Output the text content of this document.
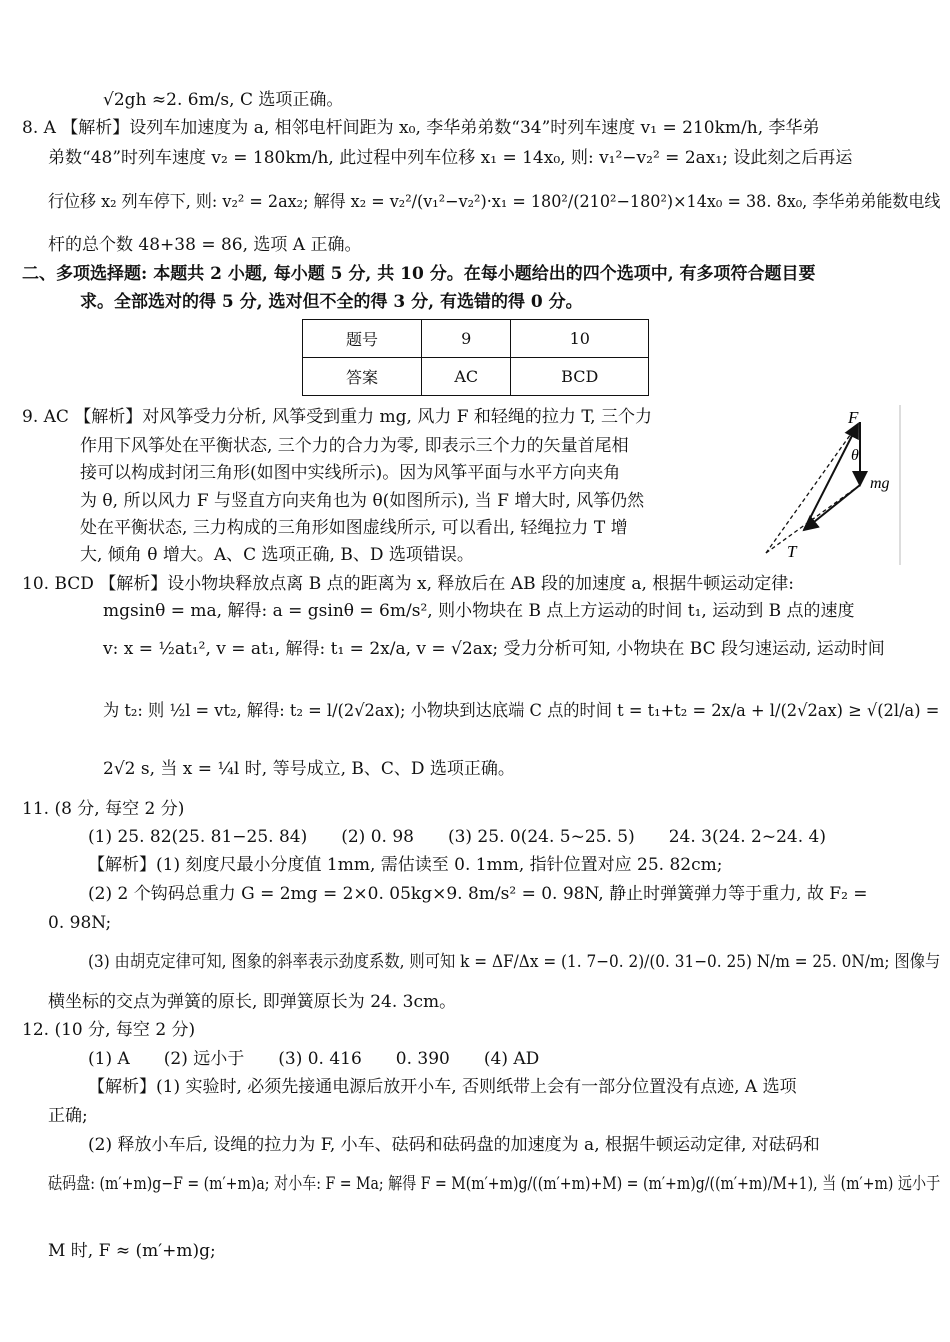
√2gh ≈2. 6m/s, C 选项正确。
8. A 【解析】设列车加速度为 a, 相邻电杆间距为 x₀, 李华弟弟数“34”时列车速度 v₁ = 210km/h, 李华弟
弟数“48”时列车速度 v₂ = 180km/h, 此过程中列车位移 x₁ = 14x₀, 则: v₁²−v₂² = 2ax₁; 设此刻之后再运
行位移 x₂ 列车停下, 则: v₂² = 2ax₂; 解得 x₂ = v₂²/(v₁²−v₂²)·x₁ = 180²/(210²−180²)×14x₀ = 38. 8x₀, 李华弟弟能数电线
杆的总个数 48+38 = 86, 选项 A 正确。
二、多项选择题: 本题共 2 小题, 每小题 5 分, 共 10 分。在每小题给出的四个选项中, 有多项符合题目要
求。全部选对的得 5 分, 选对但不全的得 3 分, 有选错的得 0 分。
题号	9	10
答案	AC	BCD
9. AC 【解析】对风筝受力分析, 风筝受到重力 mg, 风力 F 和轻绳的拉力 T, 三个力
作用下风筝处在平衡状态, 三个力的合力为零, 即表示三个力的矢量首尾相
接可以构成封闭三角形(如图中实线所示)。因为风筝平面与水平方向夹角
为 θ, 所以风力 F 与竖直方向夹角也为 θ(如图所示), 当 F 增大时, 风筝仍然
处在平衡状态, 三力构成的三角形如图虚线所示, 可以看出, 轻绳拉力 T 增
大, 倾角 θ 增大。A、C 选项正确, B、D 选项错误。
F
θ
mg
T
10. BCD 【解析】设小物块释放点离 B 点的距离为 x, 释放后在 AB 段的加速度 a, 根据牛顿运动定律:
mgsinθ = ma, 解得: a = gsinθ = 6m/s², 则小物块在 B 点上方运动的时间 t₁, 运动到 B 点的速度
v: x = ½at₁², v = at₁, 解得: t₁ = 2x/a, v = √2ax; 受力分析可知, 小物块在 BC 段匀速运动, 运动时间
为 t₂: 则 ½l = vt₂, 解得: t₂ = l/(2√2ax); 小物块到达底端 C 点的时间 t = t₁+t₂ = 2x/a + l/(2√2ax) ≥ √(2l/a) =
2√2 s, 当 x = ¼l 时, 等号成立, B、C、D 选项正确。
11. (8 分, 每空 2 分)
(1) 25. 82(25. 81−25. 84)　　(2) 0. 98　　(3) 25. 0(24. 5~25. 5)　　24. 3(24. 2~24. 4)
【解析】(1) 刻度尺最小分度值 1mm, 需估读至 0. 1mm, 指针位置对应 25. 82cm;
(2) 2 个钩码总重力 G = 2mg = 2×0. 05kg×9. 8m/s² = 0. 98N, 静止时弹簧弹力等于重力, 故 F₂ =
0. 98N;
(3) 由胡克定律可知, 图象的斜率表示劲度系数, 则可知 k = ΔF/Δx = (1. 7−0. 2)/(0. 31−0. 25) N/m = 25. 0N/m; 图像与
横坐标的交点为弹簧的原长, 即弹簧原长为 24. 3cm。
12. (10 分, 每空 2 分)
(1) A　　(2) 远小于　　(3) 0. 416　　0. 390　　(4) AD
【解析】(1) 实验时, 必须先接通电源后放开小车, 否则纸带上会有一部分位置没有点迹, A 选项
正确;
(2) 释放小车后, 设绳的拉力为 F, 小车、砝码和砝码盘的加速度为 a, 根据牛顿运动定律, 对砝码和
砝码盘: (m′+m)g−F = (m′+m)a; 对小车: F = Ma; 解得 F = M(m′+m)g/((m′+m)+M) = (m′+m)g/((m′+m)/M+1), 当 (m′+m) 远小于
M 时, F ≈ (m′+m)g;
